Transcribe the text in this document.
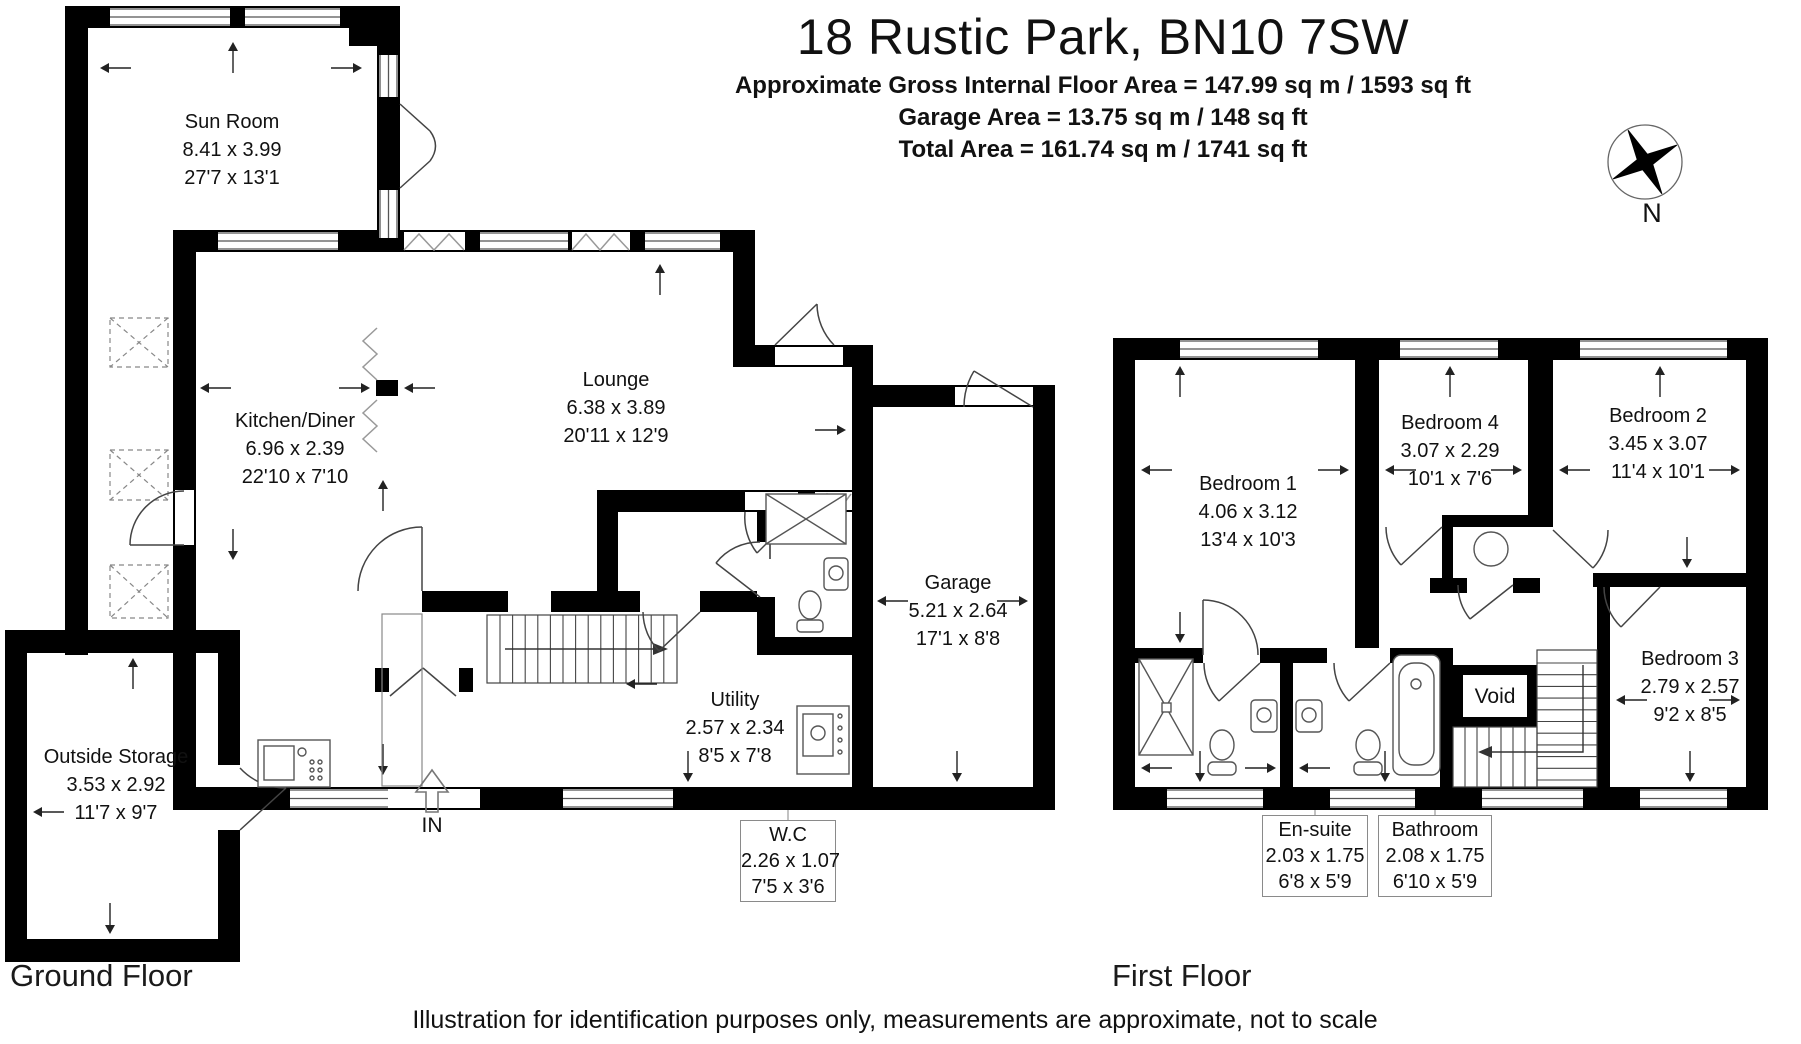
18 Rustic Park, BN10 7SW
Approximate Gross Internal Floor Area = 147.99 sq m / 1593 sq ft
Garage Area = 13.75 sq m / 148 sq ft
Total Area = 161.74 sq m / 1741 sq ft
N
Sun Room
8.41 x 3.99
27'7 x 13'1
Kitchen/Diner
6.96 x 2.39
22'10 x 7'10
Lounge
6.38 x 3.89
20'11 x 12'9
Garage
5.21 x 2.64
17'1 x 8'8
Utility
2.57 x 2.34
8'5 x 7'8
Outside Storage
3.53 x 2.92
11'7 x 9'7
W.C
2.26 x 1.07
7'5 x 3'6
IN
Bedroom 1
4.06 x 3.12
13'4 x 10'3
Bedroom 4
3.07 x 2.29
10'1 x 7'6
Bedroom 2
3.45 x 3.07
11'4 x 10'1
Bedroom 3
2.79 x 2.57
9'2 x 8'5
Void
En-suite
2.03 x 1.75
6'8 x 5'9
Bathroom
2.08 x 1.75
6'10 x 5'9
Ground Floor	First Floor
Illustration for identification purposes only, measurements are approximate, not to scale
